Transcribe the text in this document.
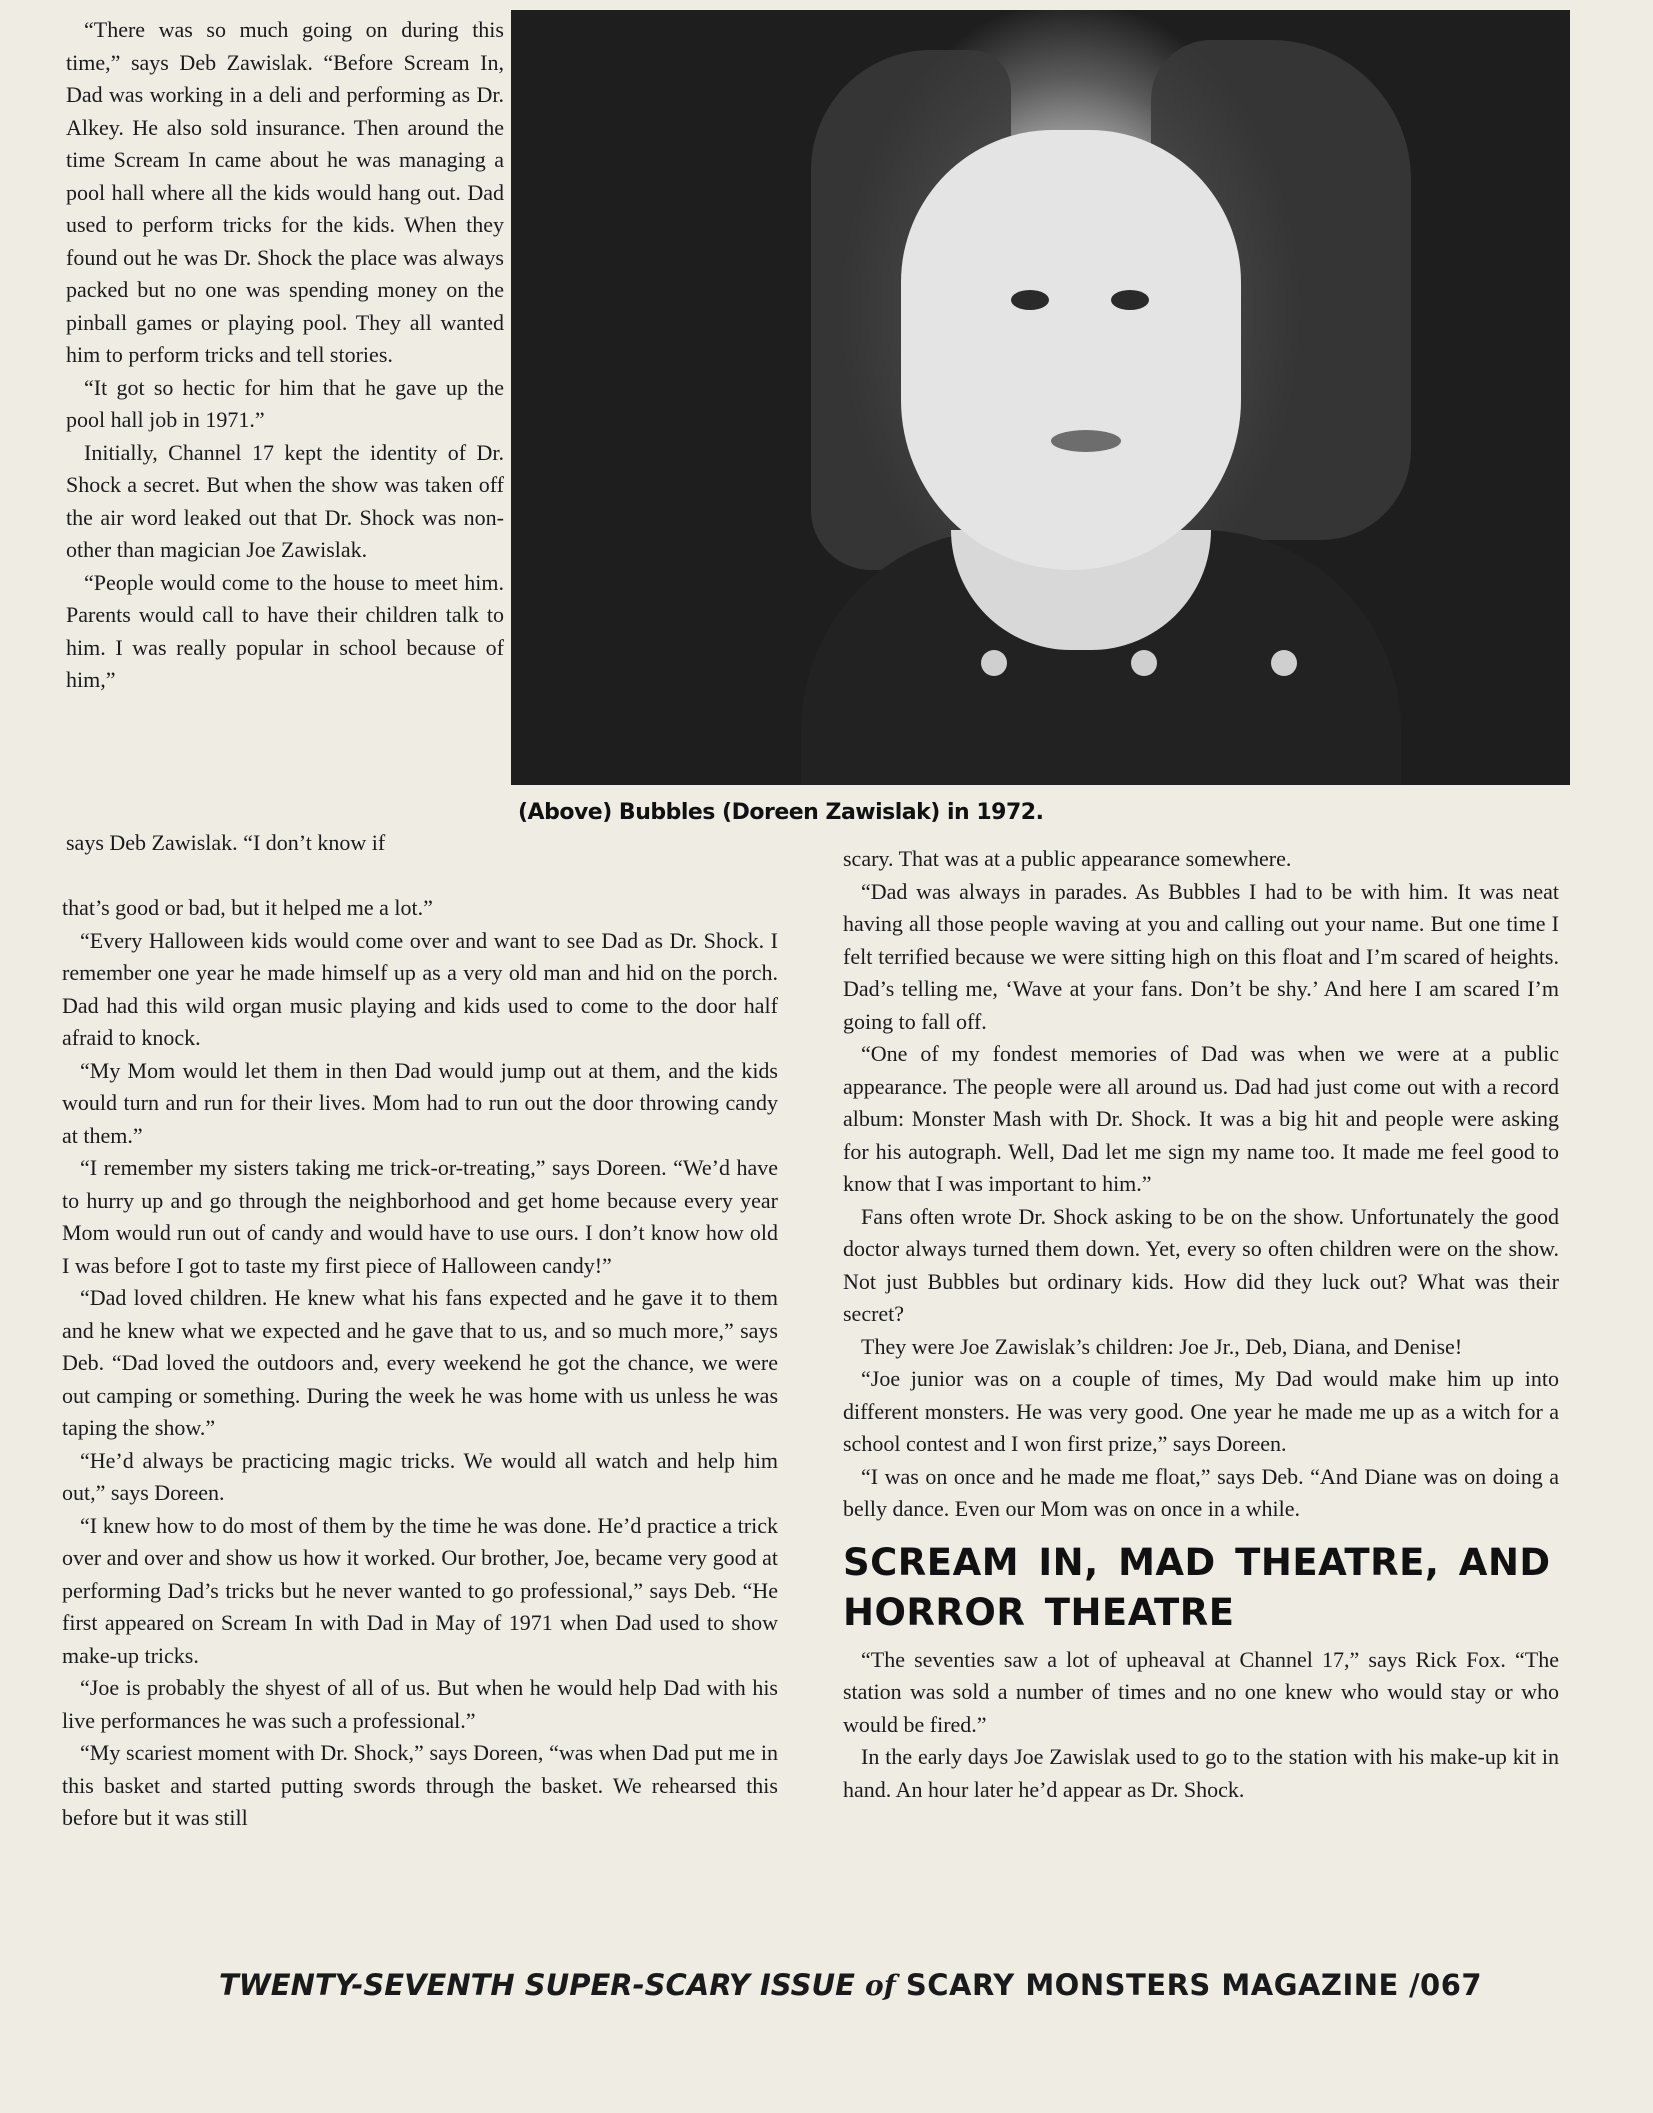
(Above) Bubbles (Doreen Zawislak) in 1972.

“There was so much going on during this time,” says Deb Zawislak. “Before Scream In, Dad was working in a deli and performing as Dr. Alkey. He also sold insurance. Then around the time Scream In came about he was managing a pool hall where all the kids would hang out. Dad used to perform tricks for the kids. When they found out he was Dr. Shock the place was always packed but no one was spending money on the pinball games or playing pool. They all wanted him to perform tricks and tell stories.

“It got so hectic for him that he gave up the pool hall job in 1971.”

Initially, Channel 17 kept the identity of Dr. Shock a secret. But when the show was taken off the air word leaked out that Dr. Shock was non-other than magician Joe Zawislak.

“People would come to the house to meet him. Parents would call to have their children talk to him. I was really popular in school because of him,”

says Deb Zawislak. “I don’t know if

that’s good or bad, but it helped me a lot.”

“Every Halloween kids would come over and want to see Dad as Dr. Shock. I remember one year he made himself up as a very old man and hid on the porch. Dad had this wild organ music playing and kids used to come to the door half afraid to knock.

“My Mom would let them in then Dad would jump out at them, and the kids would turn and run for their lives. Mom had to run out the door throwing candy at them.”

“I remember my sisters taking me trick-or-treating,” says Doreen. “We’d have to hurry up and go through the neighborhood and get home because every year Mom would run out of candy and would have to use ours. I don’t know how old I was before I got to taste my first piece of Halloween candy!”

“Dad loved children. He knew what his fans expected and he gave it to them and he knew what we expected and he gave that to us, and so much more,” says Deb. “Dad loved the outdoors and, every weekend he got the chance, we were out camping or something. During the week he was home with us unless he was taping the show.”

“He’d always be practicing magic tricks. We would all watch and help him out,” says Doreen.

“I knew how to do most of them by the time he was done. He’d practice a trick over and over and show us how it worked. Our brother, Joe, became very good at performing Dad’s tricks but he never wanted to go professional,” says Deb. “He first appeared on Scream In with Dad in May of 1971 when Dad used to show make-up tricks.

“Joe is probably the shyest of all of us. But when he would help Dad with his live performances he was such a professional.”

“My scariest moment with Dr. Shock,” says Doreen, “was when Dad put me in this basket and started putting swords through the basket. We rehearsed this before but it was still

scary. That was at a public appearance somewhere.

“Dad was always in parades. As Bubbles I had to be with him. It was neat having all those people waving at you and calling out your name. But one time I felt terrified because we were sitting high on this float and I’m scared of heights. Dad’s telling me, ‘Wave at your fans. Don’t be shy.’ And here I am scared I’m going to fall off.

“One of my fondest memories of Dad was when we were at a public appearance. The people were all around us. Dad had just come out with a record album: Monster Mash with Dr. Shock. It was a big hit and people were asking for his autograph. Well, Dad let me sign my name too. It made me feel good to know that I was important to him.”

Fans often wrote Dr. Shock asking to be on the show. Unfortunately the good doctor always turned them down. Yet, every so often children were on the show. Not just Bubbles but ordinary kids. How did they luck out? What was their secret?

They were Joe Zawislak’s children: Joe Jr., Deb, Diana, and Denise!

“Joe junior was on a couple of times, My Dad would make him up into different monsters. He was very good. One year he made me up as a witch for a school contest and I won first prize,” says Doreen.

“I was on once and he made me float,” says Deb. “And Diane was on doing a belly dance. Even our Mom was on once in a while.

SCREAM IN, MAD THEATRE, AND HORROR THEATRE

“The seventies saw a lot of upheaval at Channel 17,” says Rick Fox. “The station was sold a number of times and no one knew who would stay or who would be fired.”

In the early days Joe Zawislak used to go to the station with his make-up kit in hand. An hour later he’d appear as Dr. Shock.

TWENTY-SEVENTH SUPER-SCARY ISSUE of SCARY MONSTERS MAGAZINE /067
